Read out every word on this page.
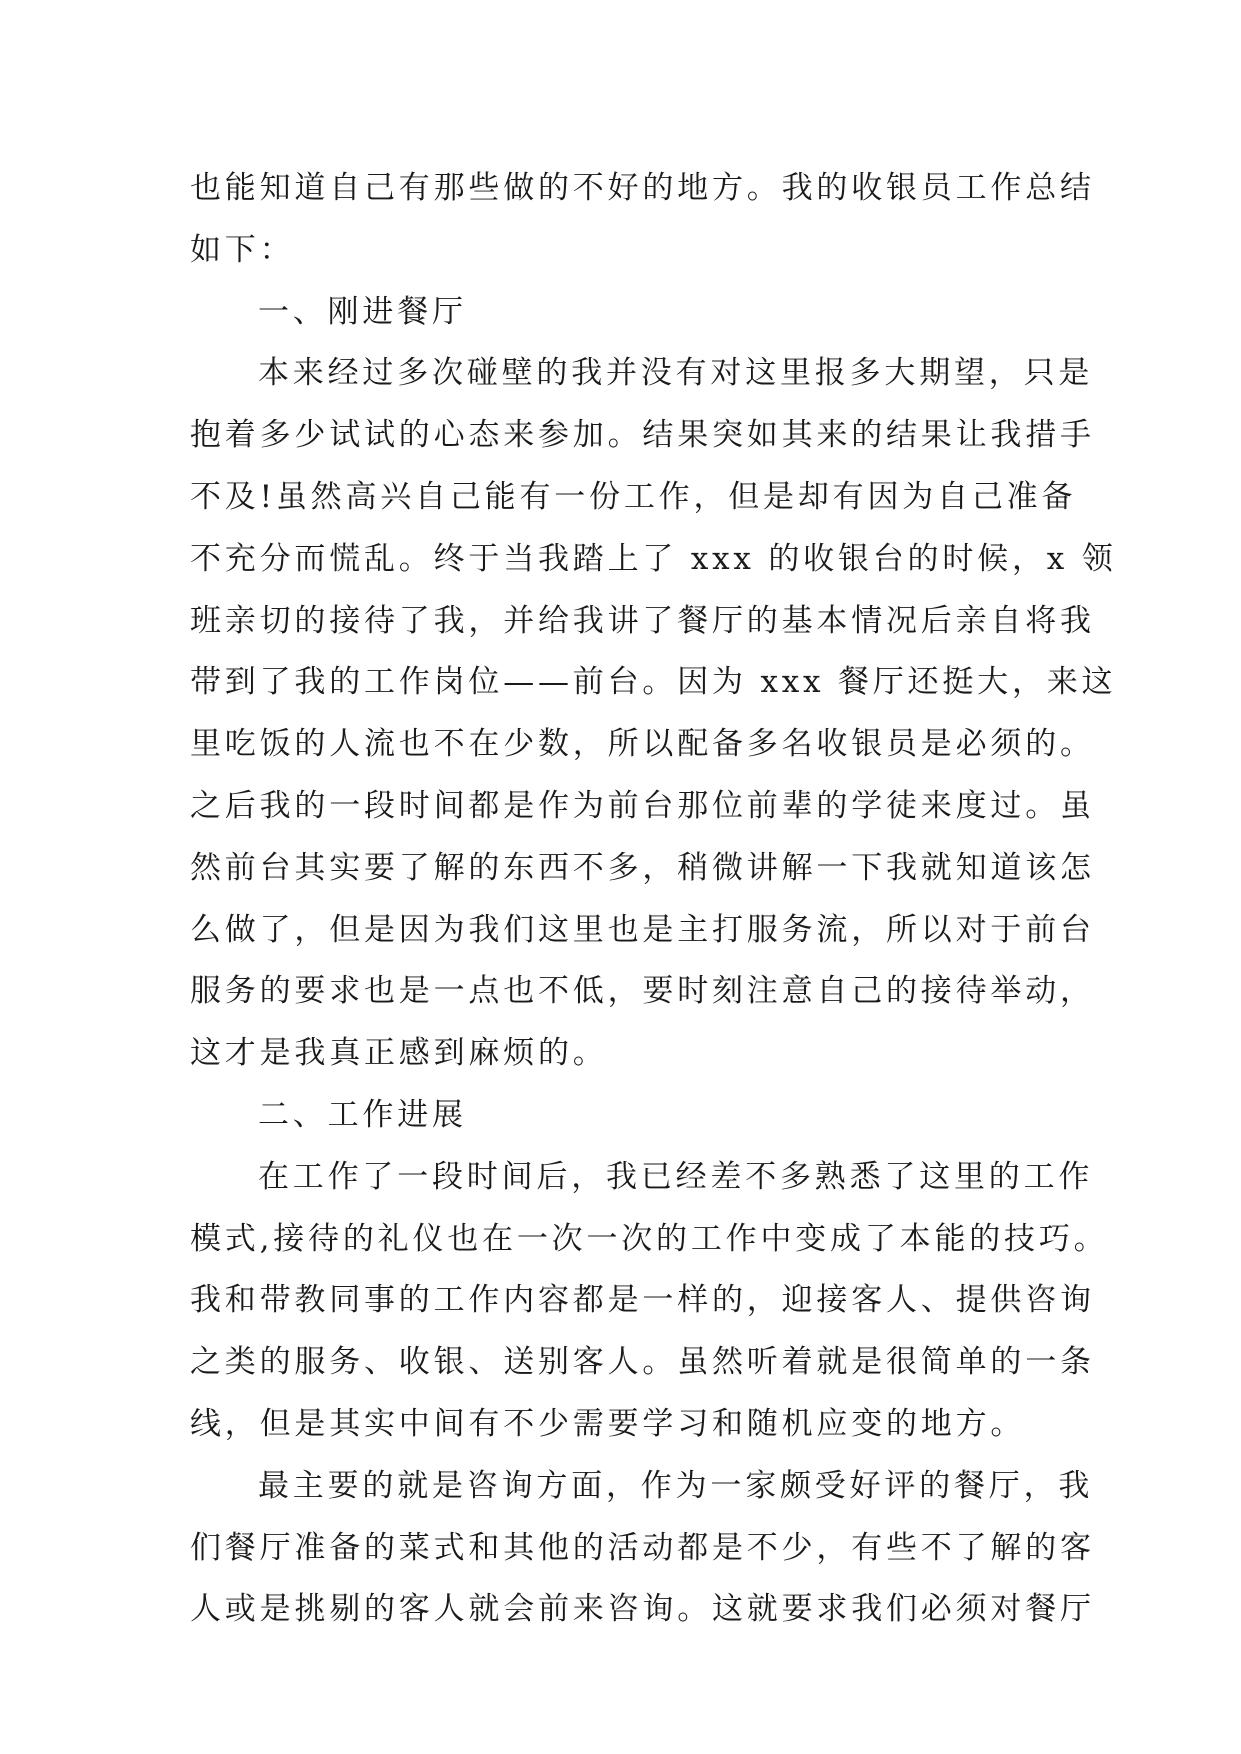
也能知道自己有那些做的不好的地方。我的收银员工作总结
如下：
一、刚进餐厅
本来经过多次碰壁的我并没有对这里报多大期望，只是
抱着多少试试的心态来参加。结果突如其来的结果让我措手
不及!虽然高兴自己能有一份工作，但是却有因为自己准备
不充分而慌乱。终于当我踏上了 xxx 的收银台的时候，x 领
班亲切的接待了我，并给我讲了餐厅的基本情况后亲自将我
带到了我的工作岗位——前台。因为 xxx 餐厅还挺大，来这
里吃饭的人流也不在少数，所以配备多名收银员是必须的。
之后我的一段时间都是作为前台那位前辈的学徒来度过。虽
然前台其实要了解的东西不多，稍微讲解一下我就知道该怎
么做了，但是因为我们这里也是主打服务流，所以对于前台
服务的要求也是一点也不低，要时刻注意自己的接待举动，
这才是我真正感到麻烦的。
二、工作进展
在工作了一段时间后，我已经差不多熟悉了这里的工作
模式,接待的礼仪也在一次一次的工作中变成了本能的技巧。
我和带教同事的工作内容都是一样的，迎接客人、提供咨询
之类的服务、收银、送别客人。虽然听着就是很简单的一条
线，但是其实中间有不少需要学习和随机应变的地方。
最主要的就是咨询方面，作为一家颇受好评的餐厅，我
们餐厅准备的菜式和其他的活动都是不少，有些不了解的客
人或是挑剔的客人就会前来咨询。这就要求我们必须对餐厅
